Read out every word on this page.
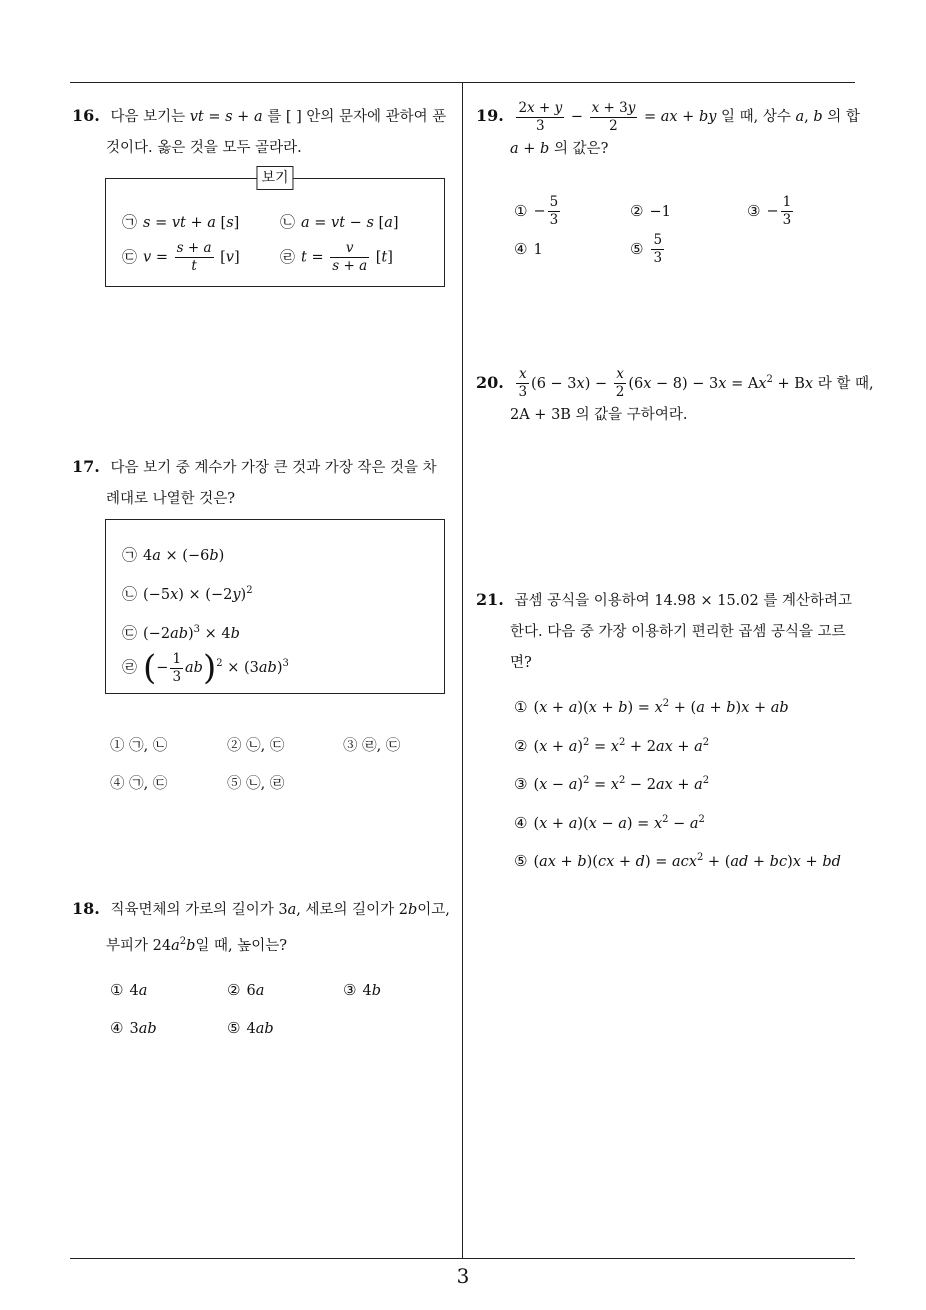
3
16. 다음 보기는 vt = s + a 를 [ ] 안의 문자에 관하여 푼
것이다. 옳은 것을 모두 골라라.
보기
㉠ s = vt + a [s]	㉡ a = vt − s [a]
㉢ $v = \frac{s + a}{t} [v]$	㉣ $t = \frac{v}{s + a} [t]$
17. 다음 보기 중 계수가 가장 큰 것과 가장 작은 것을 차
례대로 나열한 것은?
㉠ 4a × (−6b)
㉡ $(-5x) \times (-2y)^2$
㉢ $(-2ab)^3 \times 4b$
㉣ (− $\frac{1}{3} ab)^2 \times (3ab)^3$
① ㉠, ㉡	② ㉡, ㉢	③ ㉣, ㉢
④ ㉠, ㉢	⑤ ㉡, ㉣
18. 직육면체의 가로의 길이가 3a, 세로의 길이가 2b이고,
부피가 $24a^2b$일 때, 높이는?
① 4a	② 6a	③ 4b
④ 3ab	⑤ 4ab
19. $\frac{2x + y}{3} - \frac{x + 3y}{2}$ = ax + by 일 때, 상수 a, b 의 합
a + b 의 값은?
① − $\frac{5}{3}$	② −1	③ − $\frac{1}{3}$
④ 1	⑤ $\frac{5}{3}$
20. $\frac{x}{3} (6 - 3x) - \frac{x}{2} (6x - 8) - 3x = Ax^2 + Bx$ 라 할 때,
2A + 3B 의 값을 구하여라.
21. 곱셈 공식을 이용하여 14.98 × 15.02 를 계산하려고
한다. 다음 중 가장 이용하기 편리한 곱셈 공식을 고르
면?
① $(x + a)(x + b) = x^2 + (a + b)x$ + ab
② $(x + a)^2 = x^2 + 2ax + a^2$
③ $(x - a)^2 = x^2 - 2ax + a^2$
④ $(x + a)(x - a) = x^2 - a^2$
⑤ (ax + b)(cx + d) = acx$^2$ + (ad + bc)x + bd
